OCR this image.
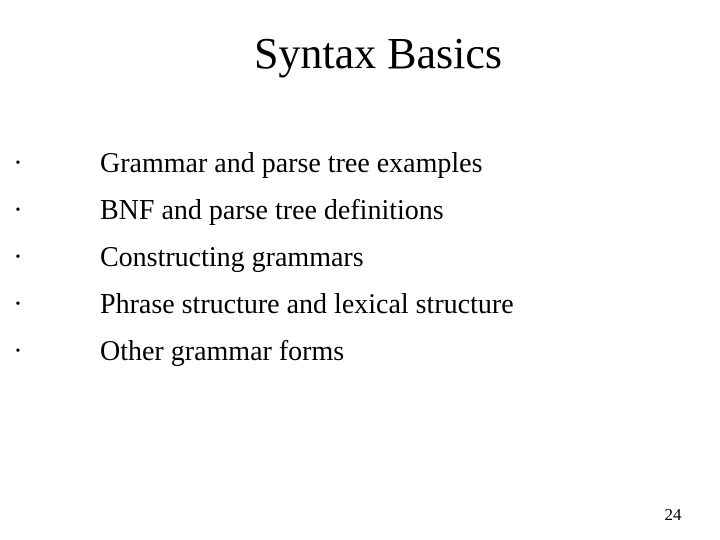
Syntax Basics
•	Grammar and parse tree examples
•	BNF and parse tree definitions
•	Constructing grammars
•	Phrase structure and lexical structure
•	Other grammar forms
24
